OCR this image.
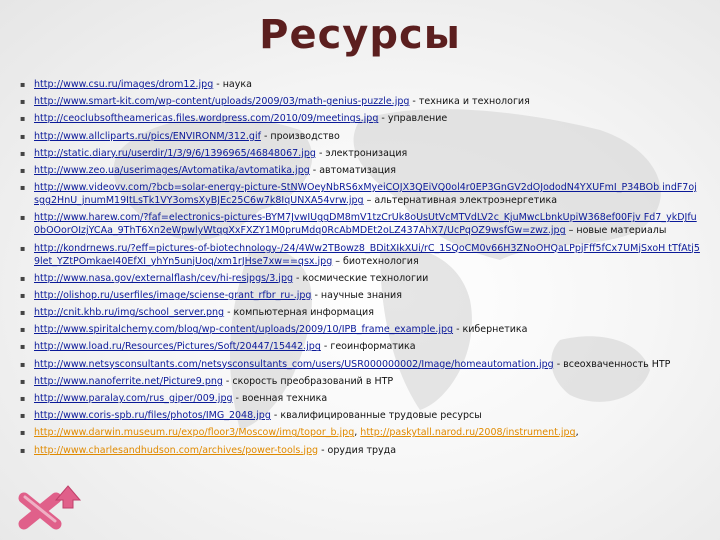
Ресурсы
▪ http://www.csu.ru/images/drom12.jpg - наука
▪ http://www.smart-kit.com/wp-content/uploads/2009/03/math-genius-puzzle.jpg - техника и технология
▪ http://ceoclubsoftheamericas.files.wordpress.com/2010/09/meetings.jpg - управление
▪ http://www.allcliparts.ru/pics/ENVIRONM/312.gif - производство
▪ http://static.diary.ru/userdir/1/3/9/6/1396965/46848067.jpg - электронизация
▪ http://www.zeo.ua/userimages/Avtomatika/avtomatika.jpg - автоматизация
▪ http://www.videovv.com/?bcb=solar-energy-picture-StNWOeyNbRS6xMyeiCOJX3QEiVQ0ol4r0EP3GnGV2dOJododN4YXUFmI_P34BOb indF7ojsgg2HnU_jnumM19ItLsTk1VY3omsXyBJEc25C6w7k8IqUNXA54vrw.jpg – альтернативная электроэнергетика
▪ http://www.harew.com/?faf=electronics-pictures-BYM7JvwIUggDM8mV1tzCrUk8oUsUtVcMTVdLV2c_KjuMwcLbnkUpiW368ef00Fjv Fd7_ykDJfu0bOOorOIzjYCAa_9ThT6Xn2eWpwlyWtqgXxFXZY1M0pruMdq0RcAbMDEt2oLZ437AhX7/UcPqOZ9wsfGw=zwz.jpg – новые материалы
▪ http://kondrnews.ru/?eff=pictures-of-biotechnology-/24/4Ww2TBowz8_BDitXIkXUi/rC_1SQoCM0v66H3ZNoOHQaLPpjFff5fCx7UMjSxoH tTfAtj59let_YZtPOmkaeI40EfXI_yhYn5unjUoq/xm1rJHse7xw==qsx.jpg – биотехнология
▪ http://www.nasa.gov/externalflash/cev/hi-resjpgs/3.jpg - космические технологии
▪ http://olishop.ru/userfiles/image/sciense-grant_rfbr_ru-.jpg - научные знания
▪ http://cnit.khb.ru/img/school_server.png - компьютерная информация
▪ http://www.spiritalchemy.com/blog/wp-content/uploads/2009/10/IPB_frame_example.jpg - кибернетика
▪ http://www.load.ru/Resources/Pictures/Soft/20447/15442.jpg - геоинформатика
▪ http://www.netsysconsultants.com/netsysconsultants_com/users/USR000000002/Image/homeautomation.jpg - всеохваченность НТР
▪ http://www.nanoferrite.net/Picture9.png - скорость преобразований в НТР
▪ http://www.paralay.com/rus_giper/009.jpg - военная техника
▪ http://www.coris-spb.ru/files/photos/IMG_2048.jpg - квалифицированные трудовые ресурсы
▪ http://www.darwin.museum.ru/expo/floor3/Moscow/img/topor_b.jpg, http://paskytall.narod.ru/2008/instrument.jpg,
▪ http://www.charlesandhudson.com/archives/power-tools.jpg - орудия труда
